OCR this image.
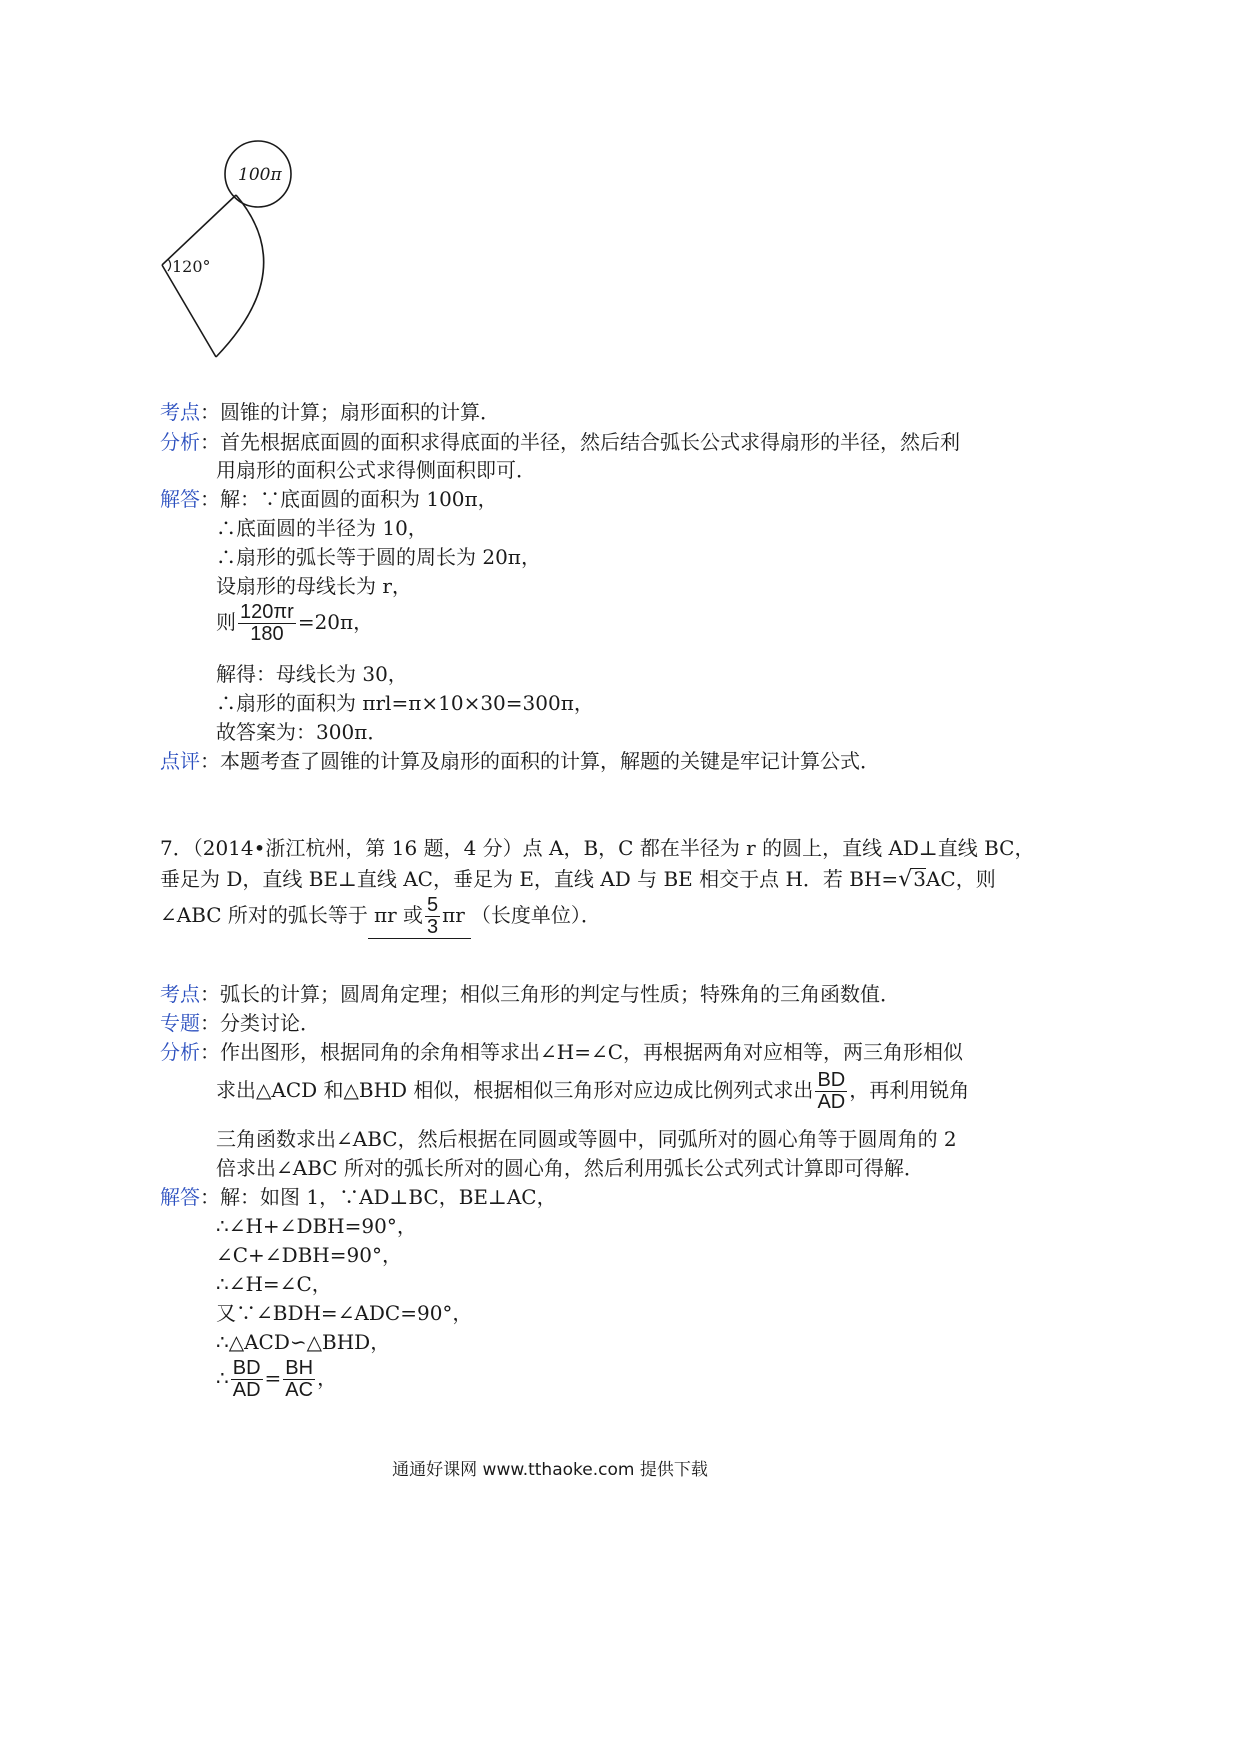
100π
120°
考点：圆锥的计算；扇形面积的计算．
分析：首先根据底面圆的面积求得底面的半径，然后结合弧长公式求得扇形的半径，然后利
用扇形的面积公式求得侧面积即可．
解答：解：∵底面圆的面积为 100π，
∴底面圆的半径为 10，
∴扇形的弧长等于圆的周长为 20π，
设扇形的母线长为 r，
则 $\frac{120\pi r}{180} =20\pi$，
解得：母线长为 30，
∴扇形的面积为 πrl=π×10×30=300π，
故答案为：300π．
点评：本题考查了圆锥的计算及扇形的面积的计算，解题的关键是牢记计算公式．
7．（2014•浙江杭州，第 16 题，4 分）点 A，B，C 都在半径为 r 的圆上，直线 AD⊥直线 BC，
垂足为 D，直线 BE⊥直线 AC，垂足为 E，直线 AD 与 BE 相交于点 H．若 BH=√3AC，则
∠ABC 所对的弧长等于 πr 或 $\frac{5}{3}$ πr （长度单位）．
考点：弧长的计算；圆周角定理；相似三角形的判定与性质；特殊角的三角函数值．
专题：分类讨论．
分析：作出图形，根据同角的余角相等求出∠H=∠C，再根据两角对应相等，两三角形相似
求出△ACD 和△BHD 相似，根据相似三角形对应边成比例列式求出 $\frac{BD}{AD}$ ，再利用锐角
三角函数求出∠ABC，然后根据在同圆或等圆中，同弧所对的圆心角等于圆周角的 2
倍求出∠ABC 所对的弧长所对的圆心角，然后利用弧长公式列式计算即可得解．
解答：解：如图 1，∵AD⊥BC，BE⊥AC，
∴∠H+∠DBH=90°，
∠C+∠DBH=90°，
∴∠H=∠C，
又∵∠BDH=∠ADC=90°，
∴△ACD∽△BHD，
∴ $\frac{BD}{AD} = \frac{BH}{AC}$ ，
通通好课网 www.tthaoke.com 提供下载
